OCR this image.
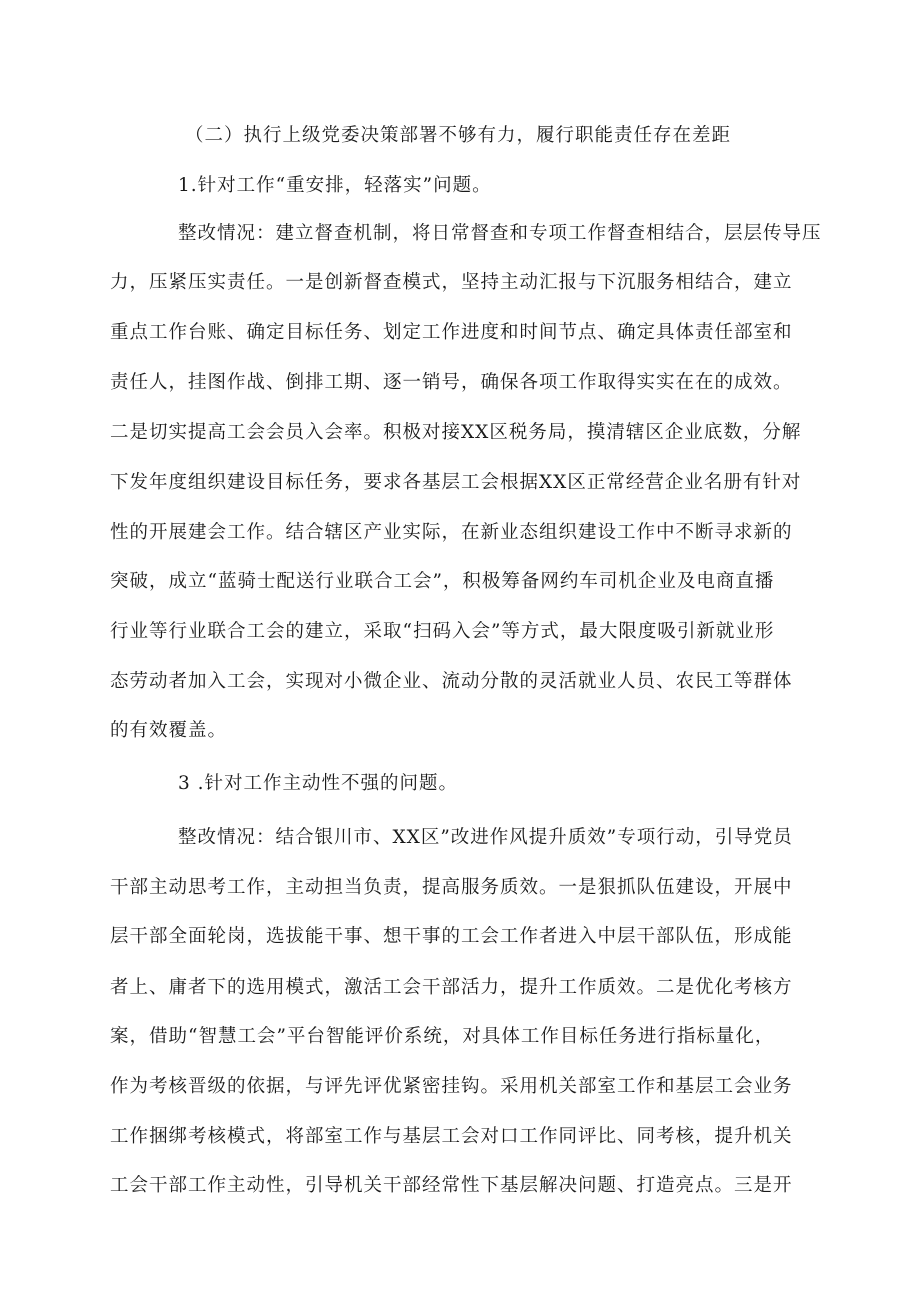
（二）执行上级党委决策部署不够有力，履行职能责任存在差距
1.针对工作“重安排，轻落实”问题。
整改情况：建立督查机制，将日常督查和专项工作督查相结合，层层传导压
力，压紧压实责任。一是创新督查模式，坚持主动汇报与下沉服务相结合，建立
重点工作台账、确定目标任务、划定工作进度和时间节点、确定具体责任部室和
责任人，挂图作战、倒排工期、逐一销号，确保各项工作取得实实在在的成效。
二是切实提高工会会员入会率。积极对接XX区税务局，摸清辖区企业底数，分解
下发年度组织建设目标任务，要求各基层工会根据XX区正常经营企业名册有针对
性的开展建会工作。结合辖区产业实际，在新业态组织建设工作中不断寻求新的
突破，成立“蓝骑士配送行业联合工会”，积极筹备网约车司机企业及电商直播
行业等行业联合工会的建立，采取“扫码入会”等方式，最大限度吸引新就业形
态劳动者加入工会，实现对小微企业、流动分散的灵活就业人员、农民工等群体
的有效覆盖。
3 .针对工作主动性不强的问题。
整改情况：结合银川市、XX区”改进作风提升质效”专项行动，引导党员
干部主动思考工作，主动担当负责，提高服务质效。一是狠抓队伍建设，开展中
层干部全面轮岗，选拔能干事、想干事的工会工作者进入中层干部队伍，形成能
者上、庸者下的选用模式，激活工会干部活力，提升工作质效。二是优化考核方
案，借助“智慧工会”平台智能评价系统，对具体工作目标任务进行指标量化，
作为考核晋级的依据，与评先评优紧密挂钩。采用机关部室工作和基层工会业务
工作捆绑考核模式，将部室工作与基层工会对口工作同评比、同考核，提升机关
工会干部工作主动性，引导机关干部经常性下基层解决问题、打造亮点。三是开
